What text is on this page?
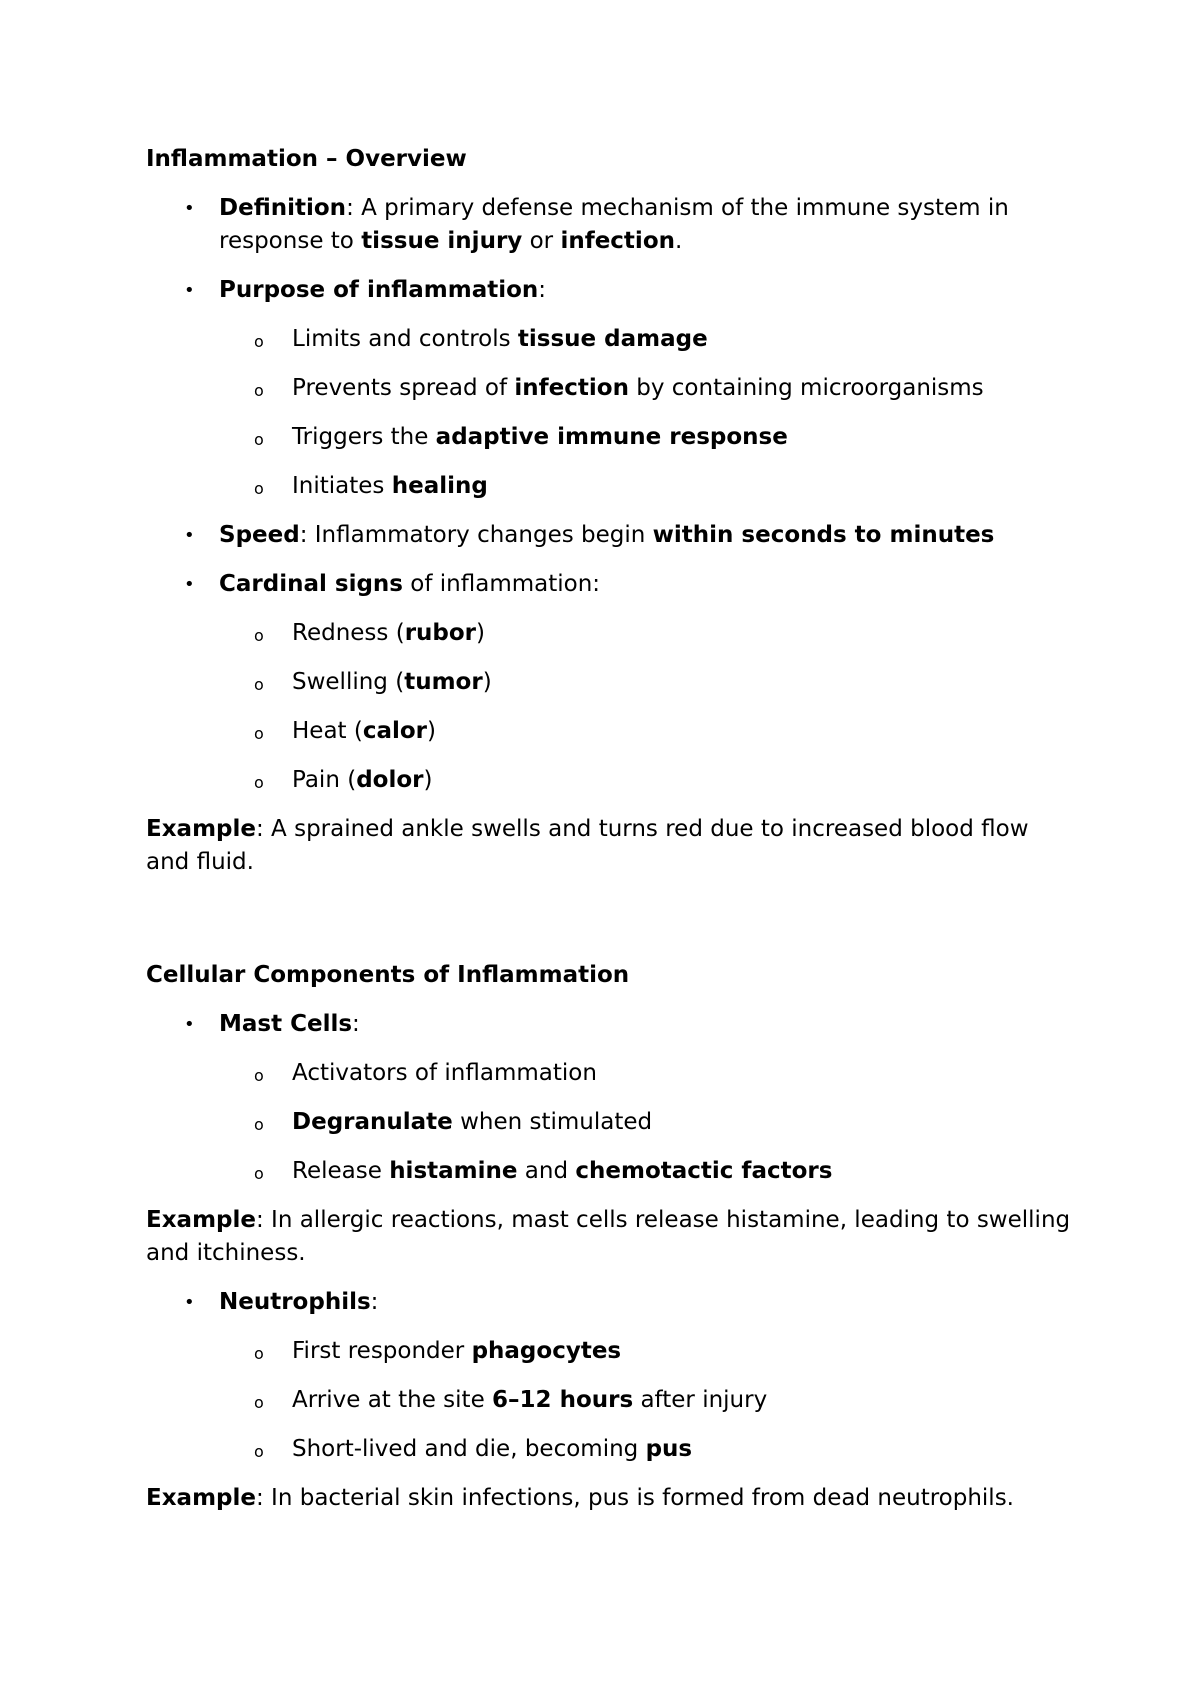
Inflammation – Overview
• Definition: A primary defense mechanism of the immune system in response to tissue injury or infection.
• Purpose of inflammation:
o Limits and controls tissue damage
o Prevents spread of infection by containing microorganisms
o Triggers the adaptive immune response
o Initiates healing
• Speed: Inflammatory changes begin within seconds to minutes
• Cardinal signs of inflammation:
o Redness (rubor)
o Swelling (tumor)
o Heat (calor)
o Pain (dolor)

Example: A sprained ankle swells and turns red due to increased blood flow and fluid.

Cellular Components of Inflammation
• Mast Cells:
o Activators of inflammation
o Degranulate when stimulated
o Release histamine and chemotactic factors

Example: In allergic reactions, mast cells release histamine, leading to swelling and itchiness.

• Neutrophils:
o First responder phagocytes
o Arrive at the site 6–12 hours after injury
o Short-lived and die, becoming pus

Example: In bacterial skin infections, pus is formed from dead neutrophils.
